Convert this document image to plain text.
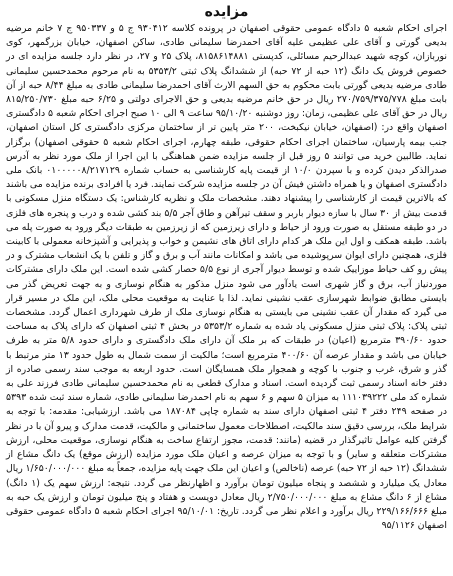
مزایده

اجرای احکام شعبه ۵ دادگاه عمومی حقوقی اصفهان در پرونده کلاسه ۹۳۰۴۱۲ ج ۵ و ۹۵۰۳۳۷ ج ۷ خانم مرضیه بدیعی گورتی و آقای علی عظیمی علیه آقای احمدرضا سلیمانی طادی، ساکن اصفهان، خیابان بزرگمهر، کوی نوربازان، کوچه شهید عبدالرحیم مسائلی، کدپستی ۸۱۵۸۶۱۴۸۸۱، پلاک ۲۵ و ۲۷، در نظر دارد جلسه مزایده ای در خصوص فروش یک دانگ (۱۲ حبه از ۷۲ حبه) از ششدانگ پلاک ثبتی ۵۳۵۳/۲ به نام مرحوم محمدحسین سلیمانی طادی مرضیه بدیعی گورتی بابت محکوم به حق السهم الارث آقای احمدرضا سلیمانی طادی به مبلغ ۸/۴۴ حبه از آن بابت مبلغ ۲۷۰/۷۵۹/۳۷۵/۷۷۸ ریال در حق خانم مرضیه بدیعی و حق الاجرای دولتی و ۶/۲۵ حبه مبلغ ۸۱۵/۲۵۰/۷۳۰ ریال در حق آقای علی عظیمی، زمان: روز دوشنبه ۹۵/۱۰/۲۰ ساعت ۹ الی ۱۰ صبح اجرای احکام شعبه ۵ دادگستری اصفهان واقع در: (اصفهان، خیابان نیکبخت، ۲۰۰ متر پایین تر از ساختمان مرکزی دادگستری کل استان اصفهان، جنب بیمه پارسیان، ساختمان اجرای احکام حقوقی، طبقه چهارم، اجرای احکام شعبه ۵ حقوقی اصفهان) برگزار نماید. طالبین خرید می توانند ۵ روز قبل از جلسه مزایده ضمن هماهنگی با این اجرا از ملک مورد نظر به آدرس صدرالذکر دیدن کرده و با سپردن ۱۰/۰ از قیمت پایه کارشناسی به حساب شماره ۰۱۰۰۰۰۰۸/۲۱۷۱۲۹ بانک ملی دادگستری اصفهان و یا همراه داشتن فیش آن در جلسه مزایده شرکت نمایند. فرد یا افرادی برنده مزایده می باشند که بالاترین قیمت از کارشناسی را پیشنهاد دهند. مشخصات ملک و نظریه کارشناس: یک دستگاه منزل مسکونی با قدمت بیش از ۳۰ سال با سازه دیوار باربر و سقف تیرآهن و طاق آجر ۵/۵ بند کشی شده و درب و پنجره های فلزی در دو طبقه مستقل به صورت ورود از حیاط و دارای زیرزمین که از زیرزمین به طبقات دیگر ورود به صورت پله می باشد. طبقه همکف و اول این ملک هر کدام دارای اتاق های نشیمن و خواب و پذیرایی و آشپزخانه معمولی با کابینت فلزی، همچنین دارای ایوان سرپوشیده می باشد و امکانات مانند آب و برق و گاز و تلفن با یک انشعاب مشترک و در پیش رو کف حیاط موزاییک شده و توسط دیوار آجری از نوع ۵/۵ حصار کشی شده است. این ملک دارای مشترکات موردنیاز آب، برق و گاز شهری است یادآور می شود منزل مذکور به هنگام نوسازی و به جهت تعریض گذر می بایستی مطابق ضوابط شهرسازی عقب نشینی نماید. لذا با عنایت به موقعیت محلی ملک، این ملک در مسیر قرار می گیرد که مقدار آن عقب نشینی می بایستی به هنگام نوسازی ملک از طرف شهرداری اعمال گردد. مشخصات ثبتی پلاک: پلاک ثبتی منزل مسکونی یاد شده به شماره ۵۳۵۳/۲ در بخش ۴ ثبتی اصفهان که دارای پلاک به مساحت حدود ۳۹۰/۶۰ مترمربع (اعیان) در طبقات که بر ملک آن دارای ملک دادگستری و دارای حدود ۵/۸ متر به طرف خیابان می باشد و مقدار عرصه آن ۴۰۰/۶۰ مترمربع است؛ مالکیت از سمت شمال به طول حدود ۱۳ متر مرتبط با گذر و شرق، غرب و جنوب با کوچه و همجوار ملک همسایگان است. حدود اربعه به موجب سند رسمی صادره از دفتر خانه اسناد رسمی ثبت گردیده است. اسناد و مدارک قطعی به نام محمدحسین سلیمانی طادی فرزند علی به شماره کد ملی ۱۱۱۰۳۹۲۲۲ به میزان ۵ سهم و ۶ سهم به نام احمدرضا سلیمانی طادی، شماره سند ثبت شده ۵۳۹۳ در صفحه ۲۴۹ دفتر ۴ ثبتی اصفهان دارای سند به شماره چاپی ۱۸۷۰۸۴ می باشد. ارزشیابی: مقدمه: با توجه به شرایط ملک، بررسی دقیق سند مالکیت، اصطلاحات معمول ساختمانی و مالکیت، قدمت مدارک و پیرو آن با در نظر گرفتن کلیه عوامل تاثیرگذار در قضیه (مانند: قدمت، مجوز ارتفاع ساخت به هنگام نوسازی، موقعیت محلی، ارزش مشترکات متعلقه و سایر) و با توجه به میزان عرصه و اعیان ملک مورد مزایده (ارزش موقع) یک دانگ مشاع از ششدانگ (۱۲ حبه از ۷۲ حبه) عرصه (ناخالص) و اعیان این ملک جهت پایه مزایده، جمعاً به مبلغ ۱/۶۵۰/۰۰۰/۰۰۰ ریال معادل یک میلیارد و ششصد و پنجاه میلیون تومان برآورد و اظهارنظر می گردد. نتیجه: ارزش سهم یک (۱ دانگ) مشاع از ۶ دانگ مشاع به مبلغ ۲/۷۵۰/۰۰۰/۰۰۰ ریال معادل دویست و هفتاد و پنج میلیون تومان و ارزش یک حبه به مبلغ ۲۲۹/۱۶۶/۶۶۶ ریال برآورد و اعلام نظر می گردد. تاریخ: ۹۵/۱۰/۰۱ اجرای احکام شعبه ۵ دادگاه عمومی حقوقی اصفهان ۹۵/۱۱۲۶
